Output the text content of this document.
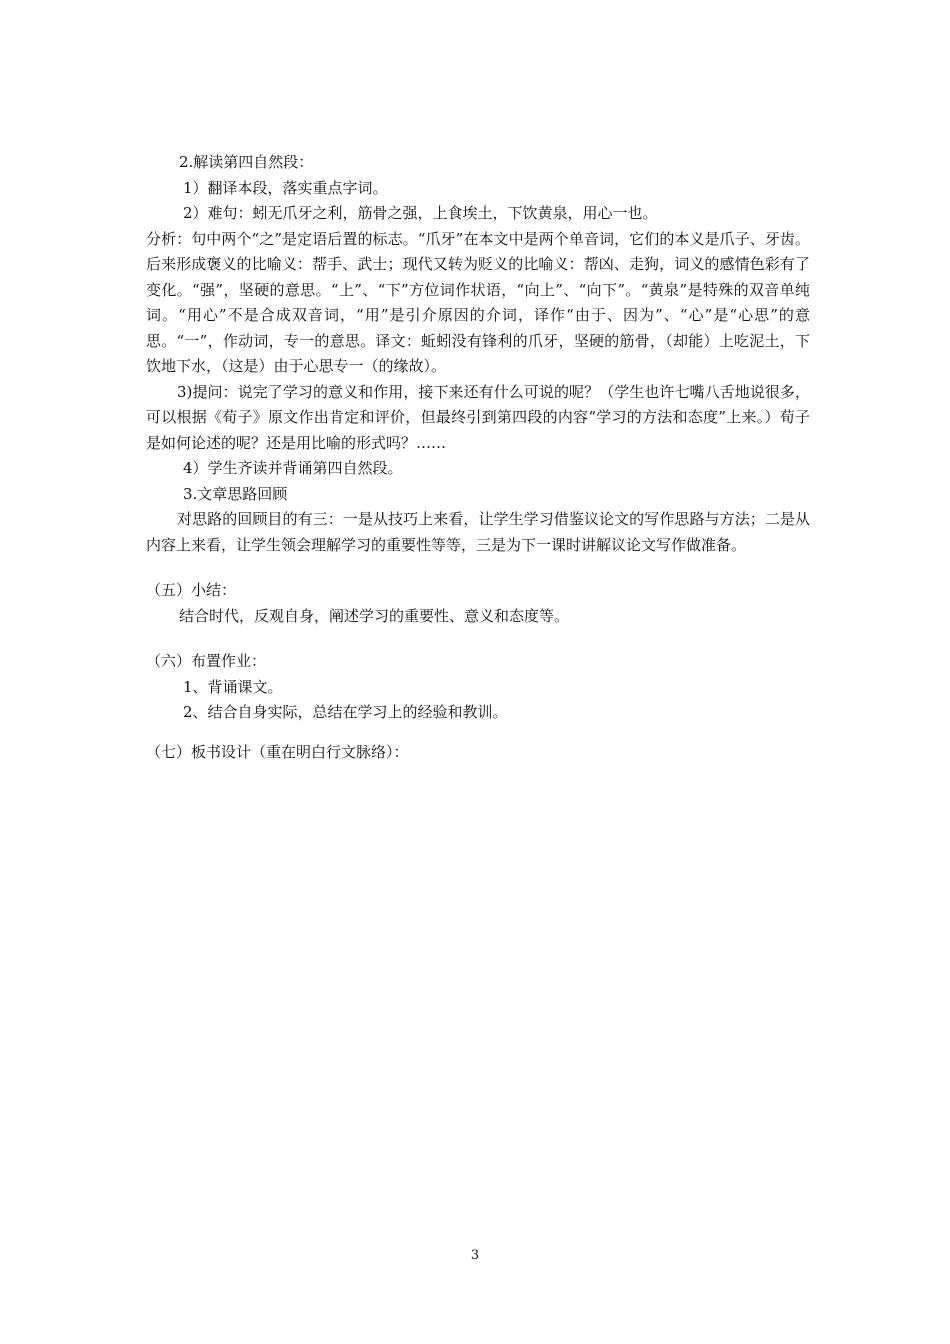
2.解读第四自然段：
1）翻译本段，落实重点字词。
2）难句：蚓无爪牙之利，筋骨之强，上食埃土，下饮黄泉，用心一也。
分析：句中两个“之”是定语后置的标志。“爪牙”在本文中是两个单音词，它们的本义是爪子、牙齿。后来形成褒义的比喻义：帮手、武士；现代又转为贬义的比喻义：帮凶、走狗，词义的感情色彩有了变化。“强”，坚硬的意思。“上”、“下”方位词作状语，“向上”、“向下”。“黄泉”是特殊的双音单纯词。“用心”不是合成双音词，“用”是引介原因的介词，译作“由于、因为”、“心”是“心思”的意思。“一”，作动词，专一的意思。译文：蚯蚓没有锋利的爪牙，坚硬的筋骨，（却能）上吃泥土，下饮地下水，（这是）由于心思专一（的缘故）。
3)提问：说完了学习的意义和作用，接下来还有什么可说的呢？（学生也许七嘴八舌地说很多，可以根据《荀子》原文作出肯定和评价，但最终引到第四段的内容“学习的方法和态度”上来。）荀子是如何论述的呢？还是用比喻的形式吗？……
4）学生齐读并背诵第四自然段。
3.文章思路回顾
对思路的回顾目的有三：一是从技巧上来看，让学生学习借鉴议论文的写作思路与方法；二是从内容上来看，让学生领会理解学习的重要性等等，三是为下一课时讲解议论文写作做准备。
（五）小结：
结合时代，反观自身，阐述学习的重要性、意义和态度等。
（六）布置作业：
1、背诵课文。
2、结合自身实际，总结在学习上的经验和教训。
（七）板书设计（重在明白行文脉络）：
3
